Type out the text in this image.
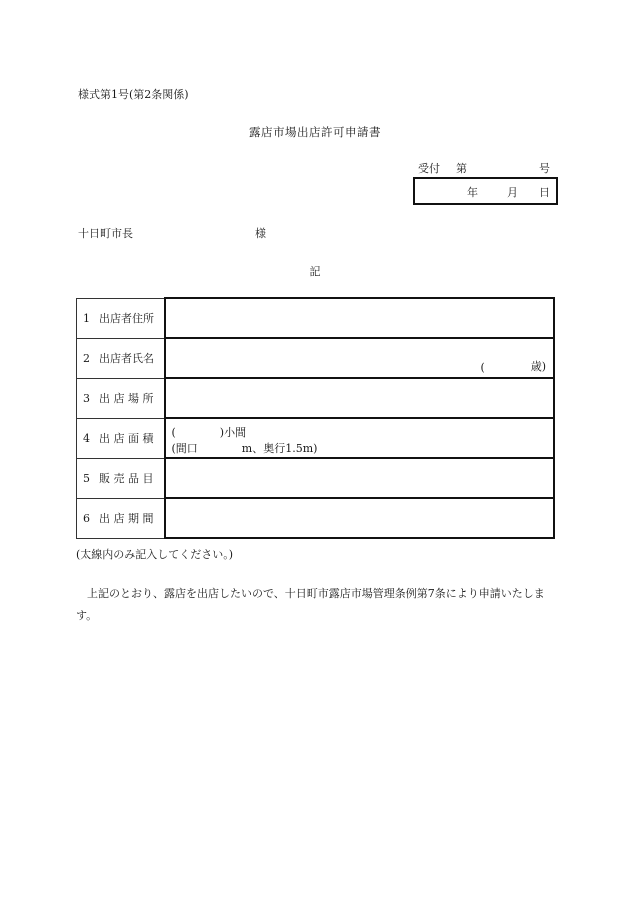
様式第1号(第2条関係)
露店市場出店許可申請書
受付 第	号
年	月 日
十日町市長	様
記
1 出店者住所	
2 出店者氏名	( 歳)

3 出 店 場 所	
4 出 店 面 積	(　　　　)小間
(間口　　　　m、奥行1.5m)

5 販 売 品 目	
6 出 店 期 間	
(太線内のみ記入してください。)
上記のとおり、露店を出店したいので、十日町市露店市場管理条例第7条により申請いたします。
